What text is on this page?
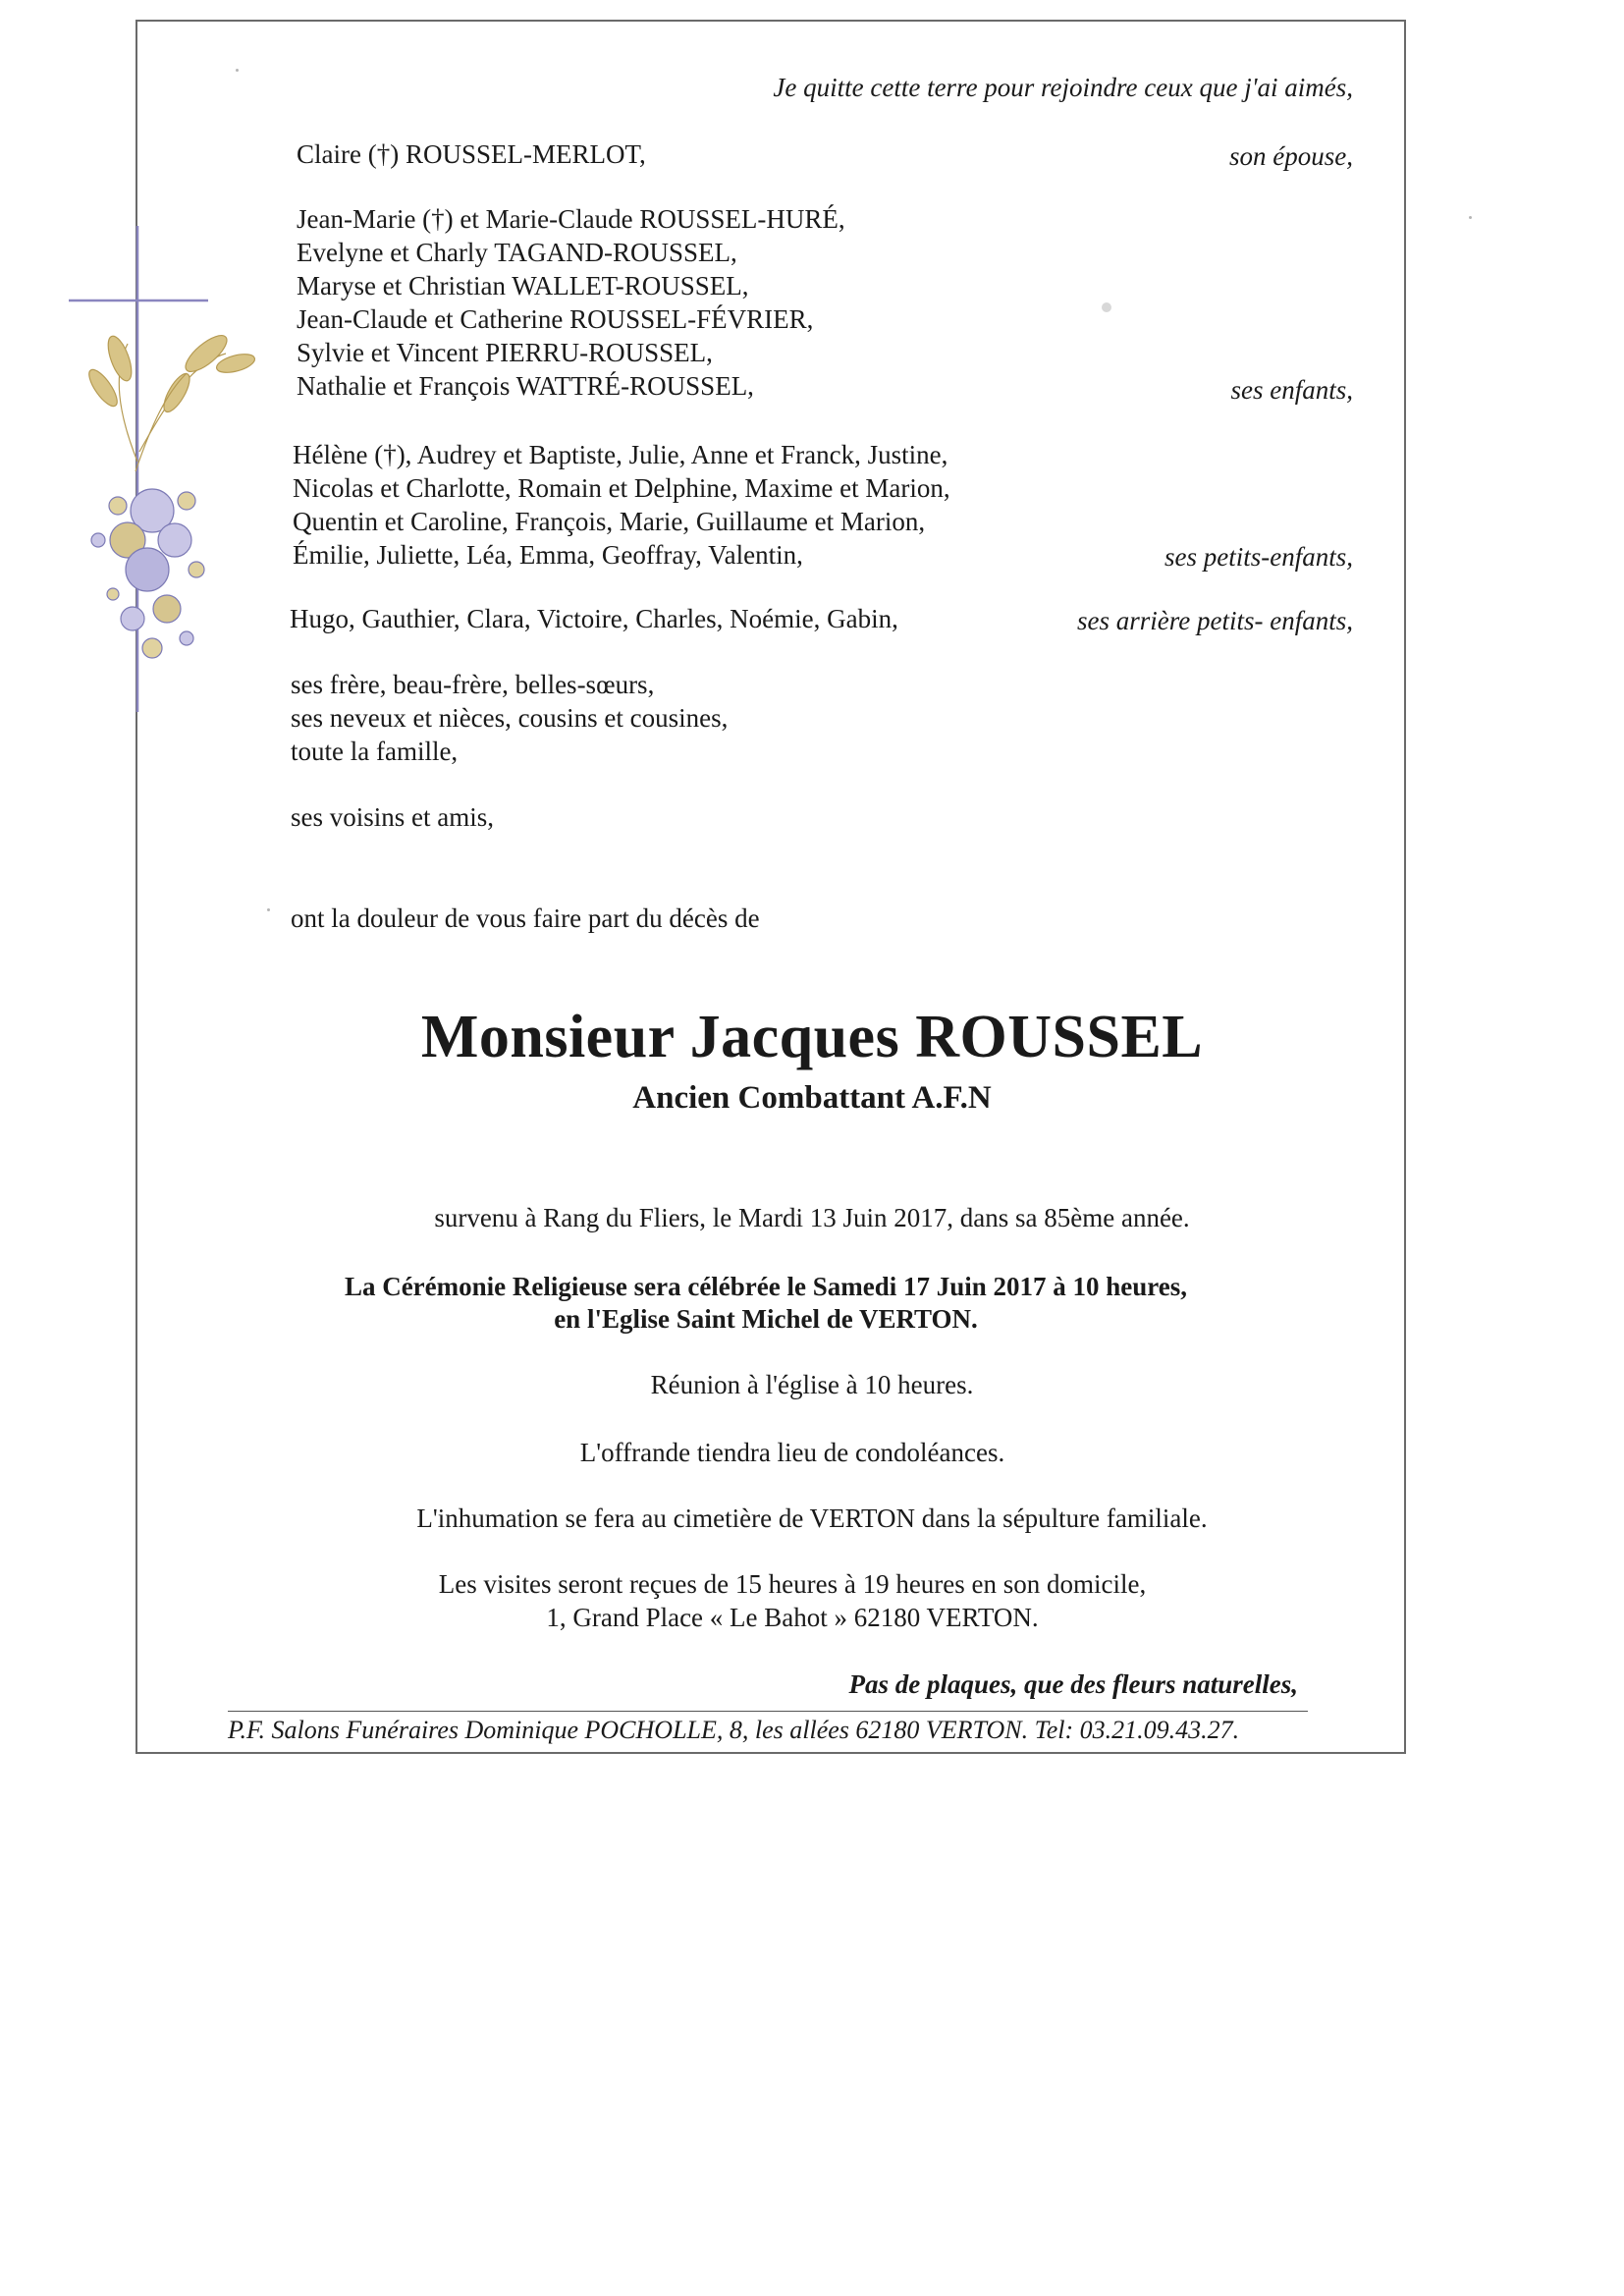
Je quitte cette terre pour rejoindre ceux que j'ai aimés,
Claire (†) ROUSSEL-MERLOT,	son épouse,
Jean-Marie (†) et Marie-Claude ROUSSEL-HURÉ,
Evelyne et Charly TAGAND-ROUSSEL,
Maryse et Christian WALLET-ROUSSEL,
Jean-Claude et Catherine ROUSSEL-FÉVRIER,
Sylvie et Vincent PIERRU-ROUSSEL,
Nathalie et François WATTRÉ-ROUSSEL,	ses enfants,
Hélène (†), Audrey et Baptiste, Julie, Anne et Franck, Justine,
Nicolas et Charlotte, Romain et Delphine, Maxime et Marion,
Quentin et Caroline, François, Marie, Guillaume et Marion,
Émilie, Juliette, Léa, Emma, Geoffray, Valentin,	ses petits-enfants,
Hugo, Gauthier, Clara, Victoire, Charles, Noémie, Gabin,	ses arrière petits- enfants,
ses frère, beau-frère, belles-sœurs,
ses neveux et nièces, cousins et cousines,
toute la famille,
ses voisins et amis,
ont la douleur de vous faire part du décès de
Monsieur Jacques ROUSSEL
Ancien Combattant A.F.N
survenu à Rang du Fliers, le Mardi 13 Juin 2017, dans sa 85ème année.
La Cérémonie Religieuse sera célébrée le Samedi 17 Juin 2017 à 10 heures,
en l'Eglise Saint Michel de VERTON.
Réunion à l'église à 10 heures.
L'offrande tiendra lieu de condoléances.
L'inhumation se fera au cimetière de VERTON dans la sépulture familiale.
Les visites seront reçues de 15 heures à 19 heures en son domicile,
1, Grand Place « Le Bahot » 62180 VERTON.
Pas de plaques, que des fleurs naturelles,
P.F. Salons Funéraires Dominique POCHOLLE, 8, les allées 62180 VERTON. Tel: 03.21.09.43.27.
